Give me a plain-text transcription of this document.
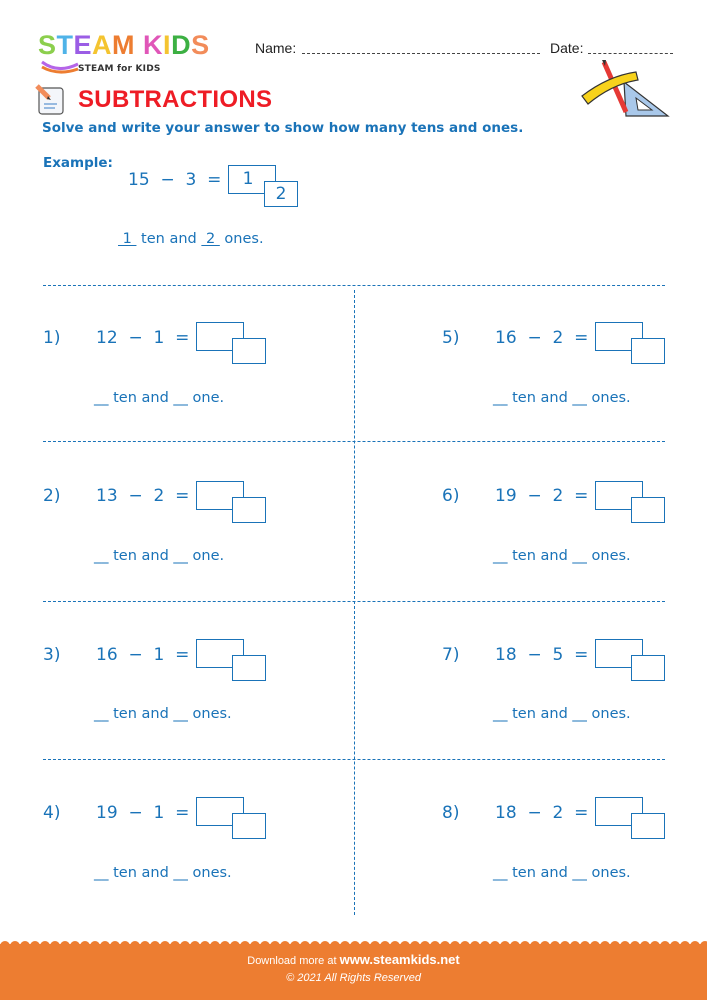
STEAM KIDS
STEAM for KIDS
Name:	Date:
SUBTRACTIONS
Solve and write your answer to show how many tens and ones.
Example:
15  −  3  =	1
2
1  ten and  2  ones.
1) 12  −  1  =
__ ten and __ one.
2) 13  −  2  =
__ ten and __ one.
3) 16  −  1  =
__ ten and __ ones.
4) 19  −  1  =
__ ten and __ ones.
5) 16  −  2  =
__ ten and __ ones.
6) 19  −  2  =
__ ten and __ ones.
7) 18  −  5  =
__ ten and __ ones.
8) 18  −  2  =
__ ten and __ ones.
Download more at www.steamkids.net
© 2021 All Rights Reserved
